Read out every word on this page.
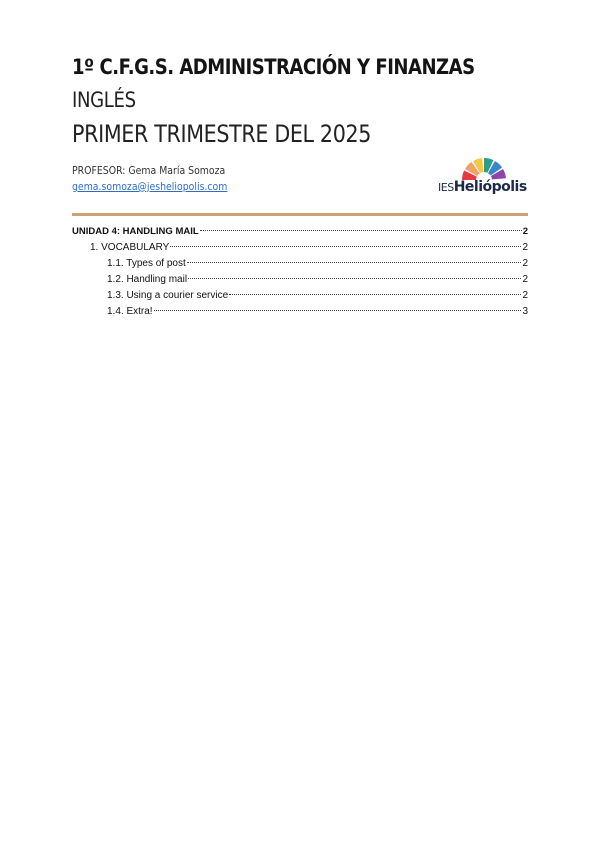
1º C.F.G.S. ADMINISTRACIÓN Y FINANZAS
INGLÉS
PRIMER TRIMESTRE DEL 2025
PROFESOR: Gema María Somoza
gema.somoza@jesheliopolis.com	IESHeliópolis
UNIDAD 4: HANDLING MAIL	2
1. VOCABULARY	2
1.1. Types of post	2
1.2. Handling mail	2
1.3. Using a courier service	2
1.4. Extra!	3
